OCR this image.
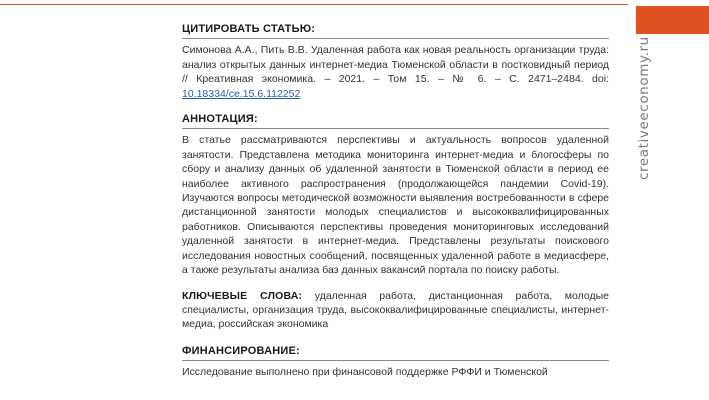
creativeeconomy.ru
ЦИТИРОВАТЬ СТАТЬЮ:

Симонова А.А., Пить В.В. Удаленная работа как новая реальность организации труда: анализ открытых данных интернет-медиа Тюменской области в постковидный период // Креативная экономика. – 2021. – Том 15. – № 6. – С. 2471–2484. doi: 10.18334/ce.15.6.112252

АННОТАЦИЯ:

В статье рассматриваются перспективы и актуальность вопросов удаленной занятости. Представлена методика мониторинга интернет-медиа и блогосферы по сбору и анализу данных об удаленной занятости в Тюменской области в период ее наиболее активного распространения (продолжающейся пандемии Covid-19). Изучаются вопросы методической возможности выявления востребованности в сфере дистанционной занятости молодых специалистов и высококвалифицированных работников. Описываются перспективы проведения мониторинговых исследований удаленной занятости в интернет-медиа. Представлены результаты поискового исследования новостных сообщений, посвященных удаленной работе в медиасфере, а также результаты анализа баз данных вакансий портала по поиску работы.

КЛЮЧЕВЫЕ СЛОВА: удаленная работа, дистанционная работа, молодые специалисты, организация труда, высококвалифицированные специалисты, интернет-медиа, российская экономика

ФИНАНСИРОВАНИЕ:

Исследование выполнено при финансовой поддержке РФФИ и Тюменской
